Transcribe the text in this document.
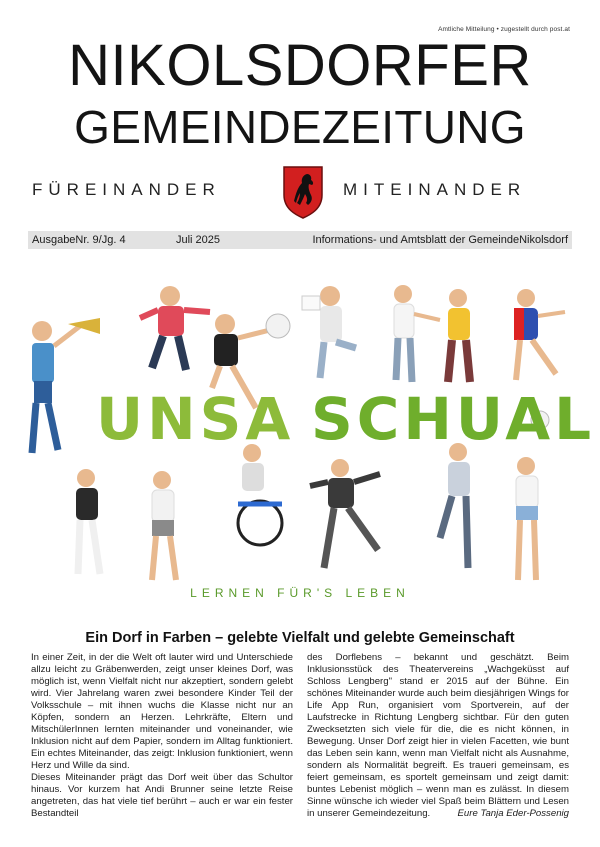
Amtliche Mitteilung • zugestellt durch post.at
NIKOLSDORFER
GEMEINDEZEITUNG
FÜREINANDER	MITEINANDER
AusgabeNr. 9/Jg. 4	Juli 2025	Informations- und Amtsblatt der GemeindeNikolsdorf
UNSA SCHUAL
LERNEN FÜR'S LEBEN
Ein Dorf in Farben – gelebte Vielfalt und gelebte Gemeinschaft

In einer Zeit, in der die Welt oft lauter wird und Unterschiede allzu leicht zu Gräbenwerden, zeigt unser kleines Dorf, was möglich ist, wenn Vielfalt nicht nur akzeptiert, sondern gelebt wird. Vier Jahrelang waren zwei besondere Kinder Teil der Volksschule – mit ihnen wuchs die Klasse nicht nur an Köpfen, sondern an Herzen. Lehrkräfte, Eltern und MitschülerInnen lernten miteinander und voneinander, wie Inklusion nicht auf dem Papier, sondern im Alltag funktioniert. Ein echtes Miteinander, das zeigt: Inklusion funktioniert, wenn Herz und Wille da sind.

Dieses Miteinander prägt das Dorf weit über das Schultor hinaus. Vor kurzem hat Andi Brunner seine letzte Reise angetreten, das hat viele tief berührt – auch er war ein fester Bestandteil

des Dorflebens – bekannt und geschätzt. Beim Inklusionsstück des Theatervereins „Wachgeküsst auf Schloss Lengberg" stand er 2015 auf der Bühne. Ein schönes Miteinander wurde auch beim diesjährigen Wings for Life App Run, organisiert vom Sportverein, auf der Laufstrecke in Richtung Lengberg sichtbar. Für den guten Zwecksetzten sich viele für die, die es nicht können, in Bewegung. Unser Dorf zeigt hier in vielen Facetten, wie bunt das Leben sein kann, wenn man Vielfalt nicht als Ausnahme, sondern als Normalität begreift. Es traueri gemeinsam, es feiert gemeinsam, es sportelt gemeinsam und zeigt damit: buntes Lebenist möglich – wenn man es zulässt. In diesem Sinne wünsche ich wieder viel Spaß beim Blättern und Lesen in unserer Gemeindezeitung.	Eure Tanja Eder-Possenig
